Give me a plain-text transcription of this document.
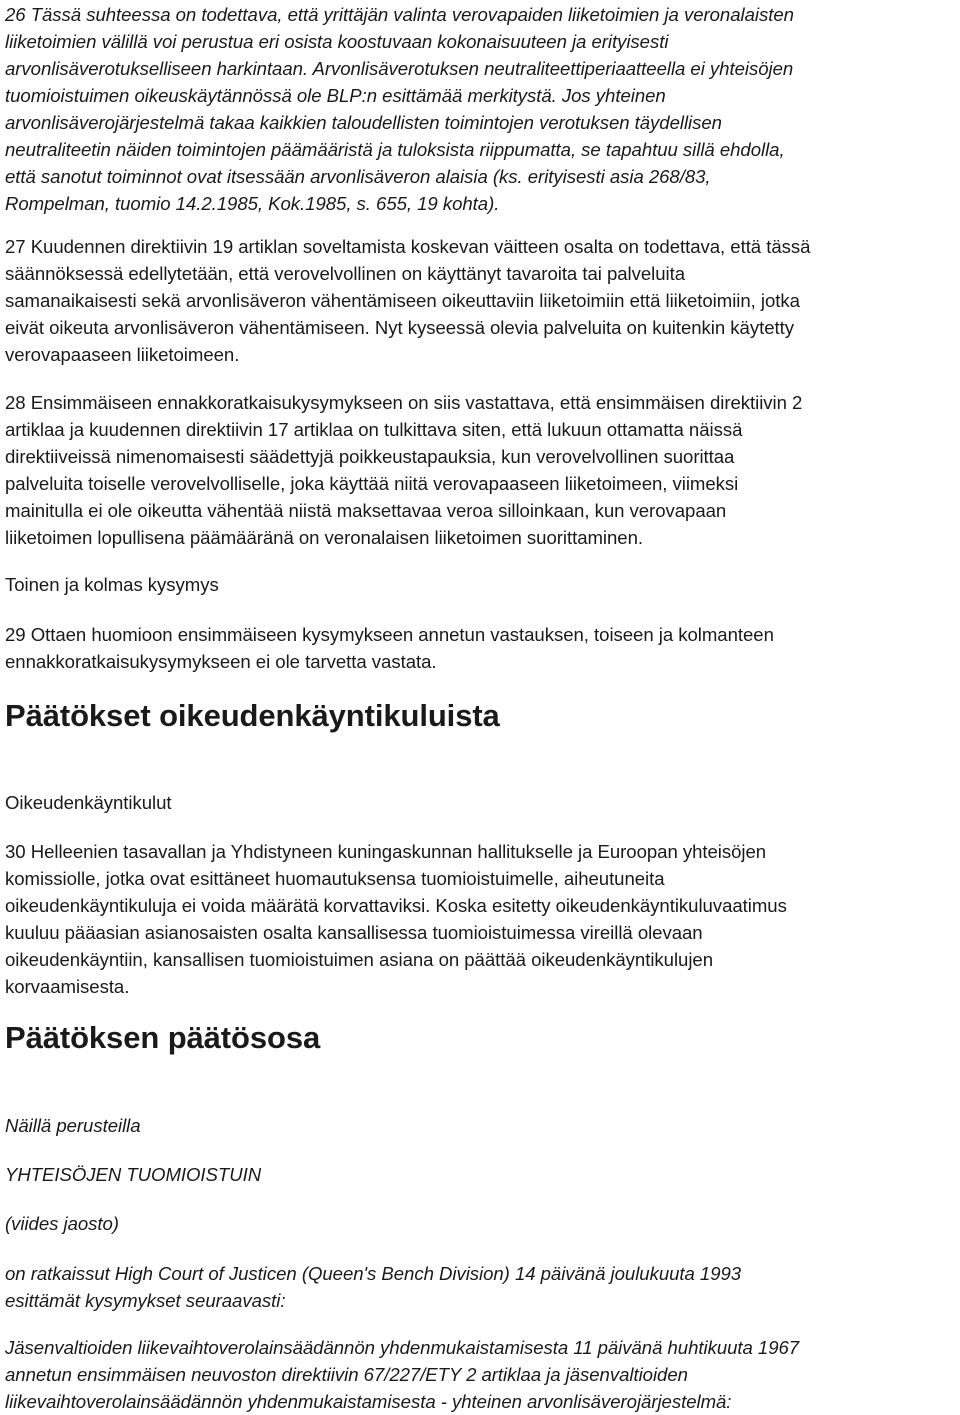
26 Tässä suhteessa on todettava, että yrittäjän valinta verovapaiden liiketoimien ja veronalaisten
liiketoimien välillä voi perustua eri osista koostuvaan kokonaisuuteen ja erityisesti
arvonlisäverotukselliseen harkintaan. Arvonlisäverotuksen neutraliteettiperiaatteella ei yhteisöjen
tuomioistuimen oikeuskäytännössä ole BLP:n esittämää merkitystä. Jos yhteinen
arvonlisäverojärjestelmä takaa kaikkien taloudellisten toimintojen verotuksen täydellisen
neutraliteetin näiden toimintojen päämääristä ja tuloksista riippumatta, se tapahtuu sillä ehdolla,
että sanotut toiminnot ovat itsessään arvonlisäveron alaisia (ks. erityisesti asia 268/83,
Rompelman, tuomio 14.2.1985, Kok.1985, s. 655, 19 kohta).

27 Kuudennen direktiivin 19 artiklan soveltamista koskevan väitteen osalta on todettava, että tässä
säännöksessä edellytetään, että verovelvollinen on käyttänyt tavaroita tai palveluita
samanaikaisesti sekä arvonlisäveron vähentämiseen oikeuttaviin liiketoimiin että liiketoimiin, jotka
eivät oikeuta arvonlisäveron vähentämiseen. Nyt kyseessä olevia palveluita on kuitenkin käytetty
verovapaaseen liiketoimeen.

28 Ensimmäiseen ennakkoratkaisukysymykseen on siis vastattava, että ensimmäisen direktiivin 2
artiklaa ja kuudennen direktiivin 17 artiklaa on tulkittava siten, että lukuun ottamatta näissä
direktiiveissä nimenomaisesti säädettyjä poikkeustapauksia, kun verovelvollinen suorittaa
palveluita toiselle verovelvolliselle, joka käyttää niitä verovapaaseen liiketoimeen, viimeksi
mainitulla ei ole oikeutta vähentää niistä maksettavaa veroa silloinkaan, kun verovapaan
liiketoimen lopullisena päämääränä on veronalaisen liiketoimen suorittaminen.

Toinen ja kolmas kysymys

29 Ottaen huomioon ensimmäiseen kysymykseen annetun vastauksen, toiseen ja kolmanteen
ennakkoratkaisukysymykseen ei ole tarvetta vastata.

Päätökset oikeudenkäyntikuluista

Oikeudenkäyntikulut

30 Helleenien tasavallan ja Yhdistyneen kuningaskunnan hallitukselle ja Euroopan yhteisöjen
komissiolle, jotka ovat esittäneet huomautuksensa tuomioistuimelle, aiheutuneita
oikeudenkäyntikuluja ei voida määrätä korvattaviksi. Koska esitetty oikeudenkäyntikuluvaatimus
kuuluu pääasian asianosaisten osalta kansallisessa tuomioistuimessa vireillä olevaan
oikeudenkäyntiin, kansallisen tuomioistuimen asiana on päättää oikeudenkäyntikulujen
korvaamisesta.

Päätöksen päätösosa

Näillä perusteilla

YHTEISÖJEN TUOMIOISTUIN

(viides jaosto)

on ratkaissut High Court of Justicen (Queen's Bench Division) 14 päivänä joulukuuta 1993
esittämät kysymykset seuraavasti:

Jäsenvaltioiden liikevaihtoverolainsäädännön yhdenmukaistamisesta 11 päivänä huhtikuuta 1967
annetun ensimmäisen neuvoston direktiivin 67/227/ETY 2 artiklaa ja jäsenvaltioiden
liikevaihtoverolainsäädännön yhdenmukaistamisesta - yhteinen arvonlisäverojärjestelmä:
